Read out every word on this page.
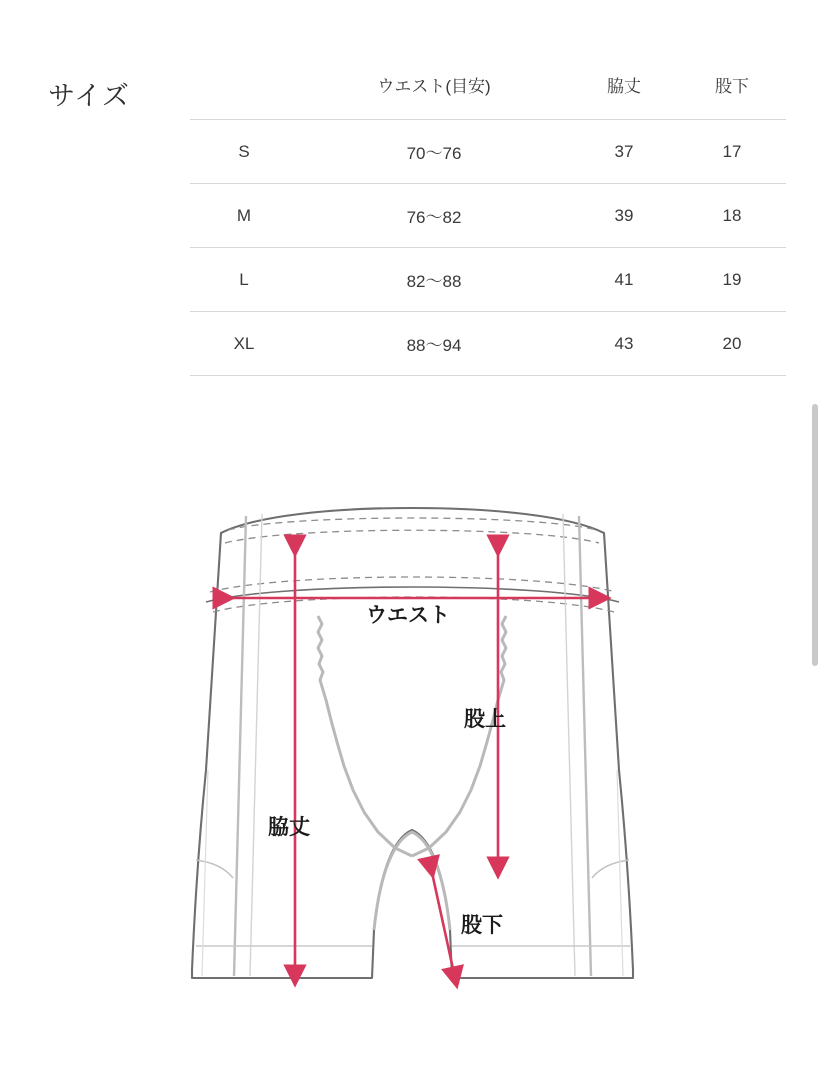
サイズ
		ウエスト(目安)	脇丈	股下
S	70〜76	37	17
M	76〜82	39	18
L	82〜88	41	19
XL	88〜94	43	20
ウエスト
股上
脇丈
股下
